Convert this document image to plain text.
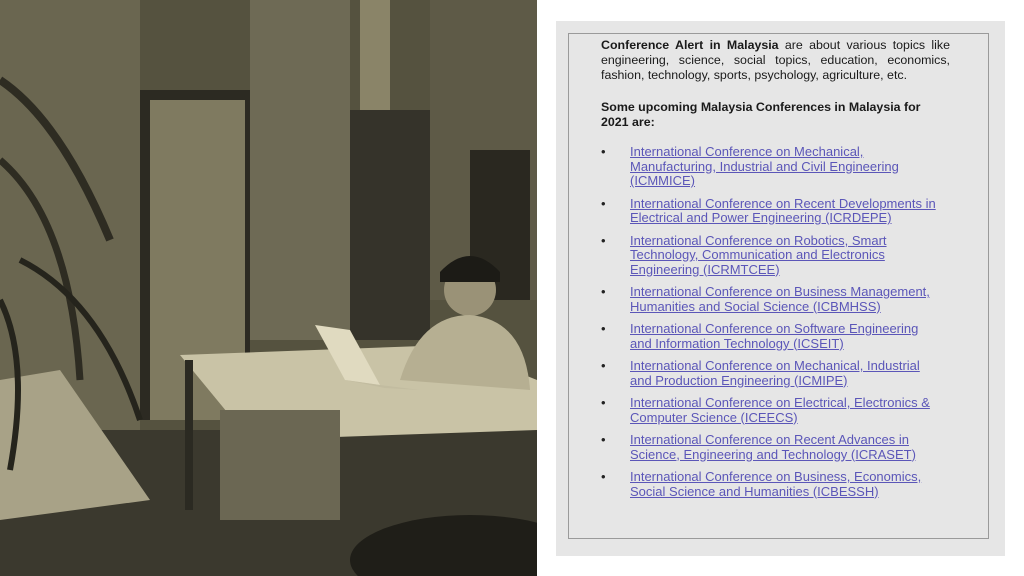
Conference Alert in Malaysia are about various topics like engineering, science, social topics, education, economics, fashion, technology, sports, psychology, agriculture, etc.

Some upcoming Malaysia Conferences in Malaysia for 2021 are:

• International Conference on Mechanical, Manufacturing, Industrial and Civil Engineering (ICMMICE)
• International Conference on Recent Developments in Electrical and Power Engineering (ICRDEPE)
• International Conference on Robotics, Smart Technology, Communication and Electronics Engineering (ICRMTCEE)
• International Conference on Business Management, Humanities and Social Science (ICBMHSS)
• International Conference on Software Engineering and Information Technology (ICSEIT)
• International Conference on Mechanical, Industrial and Production Engineering (ICMIPE)
• International Conference on Electrical, Electronics & Computer Science (ICEECS)
• International Conference on Recent Advances in Science, Engineering and Technology (ICRASET)
• International Conference on Business, Economics, Social Science and Humanities (ICBESSH)
